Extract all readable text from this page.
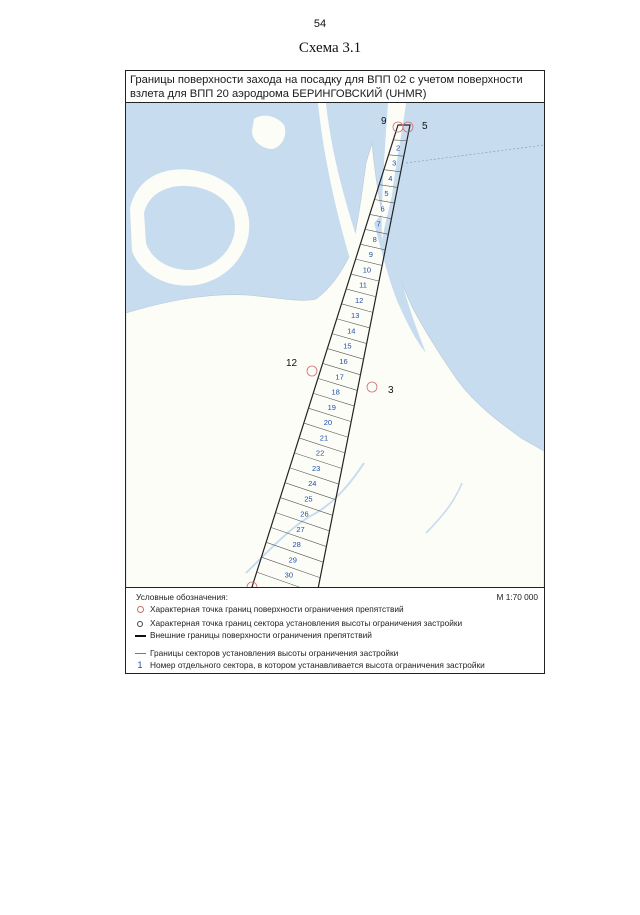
54
Схема 3.1
Границы поверхности захода на посадку для ВПП 02 с учетом поверхности взлета для ВПП 20 аэродрома БЕРИНГОВСКИЙ (UHMR)
2
3
4
5
6
7
8
9
10
11
12
13
14
15
16
17
18
19
20
21
22
23
24
25
26
27
28
29
30
9	5
12
3
Условные обозначения:	М 1:70 000
Характерная точка границ поверхности ограничения препятствий
Характерная точка границ сектора установления высоты ограничения застройки
Внешние границы поверхности ограничения препятствий
Границы секторов установления высоты ограничения застройки
1 Номер отдельного сектора, в котором устанавливается высота ограничения застройки
